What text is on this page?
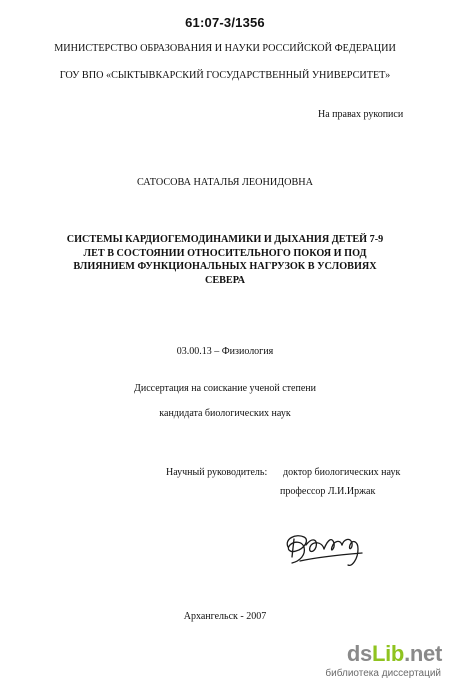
61:07-3/1356
МИНИСТЕРСТВО ОБРАЗОВАНИЯ И НАУКИ РОССИЙСКОЙ ФЕДЕРАЦИИ
ГОУ ВПО «СЫКТЫВКАРСКИЙ ГОСУДАРСТВЕННЫЙ УНИВЕРСИТЕТ»
На правах рукописи
САТОСОВА НАТАЛЬЯ ЛЕОНИДОВНА
СИСТЕМЫ КАРДИОГЕМОДИНАМИКИ И ДЫХАНИЯ ДЕТЕЙ 7-9
ЛЕТ В СОСТОЯНИИ ОТНОСИТЕЛЬНОГО ПОКОЯ И ПОД
ВЛИЯНИЕМ ФУНКЦИОНАЛЬНЫХ НАГРУЗОК В УСЛОВИЯХ
СЕВЕРА
03.00.13 – Физиология
Диссертация на соискание ученой степени
кандидата биологических наук
Научный руководитель: доктор биологических наук
профессор Л.И.Иржак
Архангельск - 2007
dsLib.net
библиотека диссертаций
